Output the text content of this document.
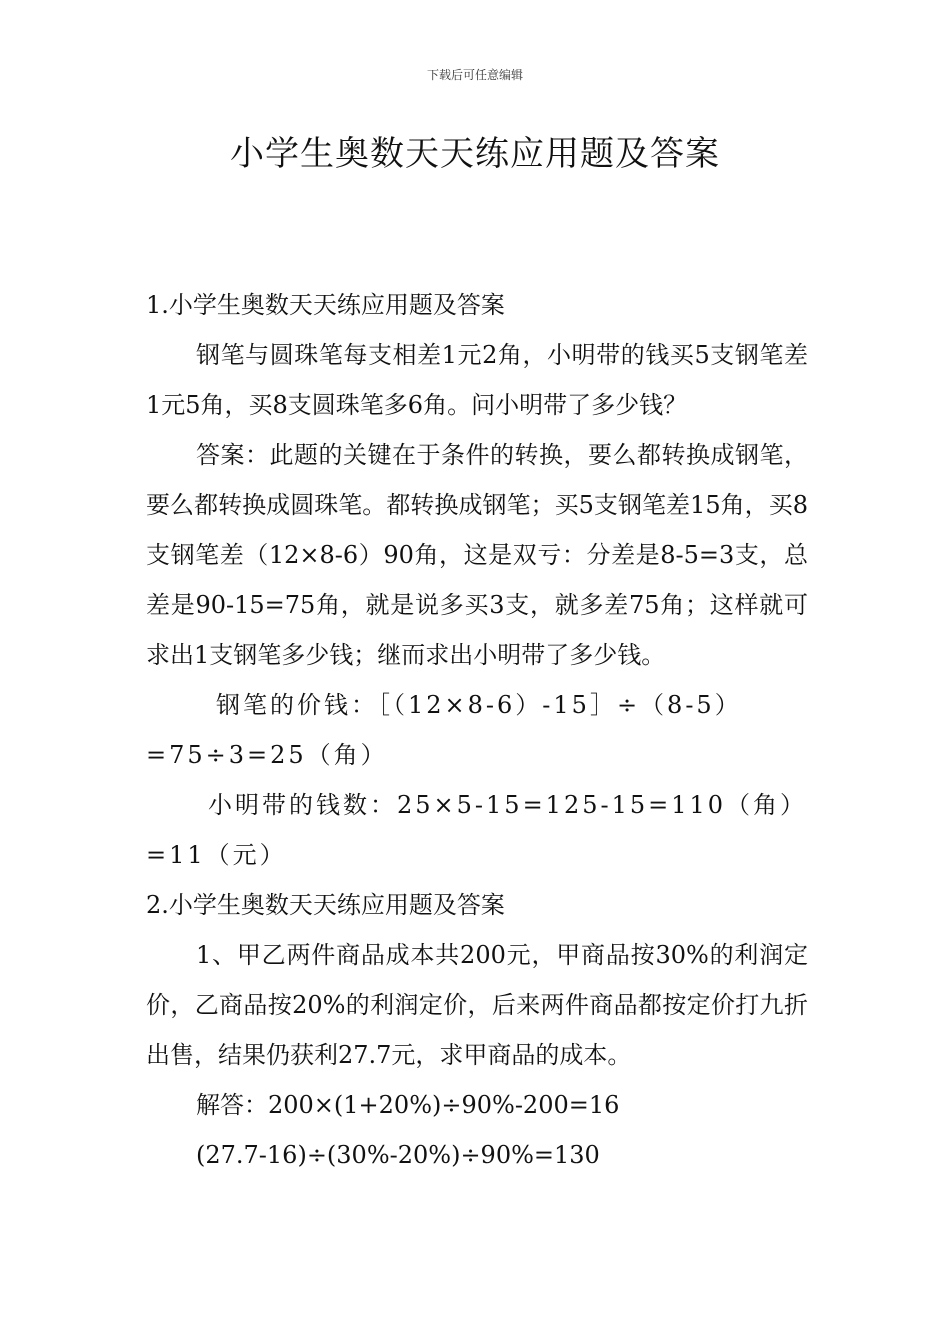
下载后可任意编辑
小学生奥数天天练应用题及答案

1.小学生奥数天天练应用题及答案

钢笔与圆珠笔每支相差1元2角，小明带的钱买5支钢笔差1元5角，买8支圆珠笔多6角。问小明带了多少钱？

答案：此题的关键在于条件的转换，要么都转换成钢笔，要么都转换成圆珠笔。都转换成钢笔；买5支钢笔差15角，买8支钢笔差（12×8-6）90角，这是双亏：分差是8-5=3支，总差是90-15=75角，就是说多买3支，就多差75角；这样就可求出1支钢笔多少钱；继而求出小明带了多少钱。

钢笔的价钱：［（12×8-6）-15］÷（8-5）=75÷3=25（角）

小明带的钱数：25×5-15=125-15=110（角）=11（元）

2.小学生奥数天天练应用题及答案

1、甲乙两件商品成本共200元，甲商品按30%的利润定价，乙商品按20%的利润定价，后来两件商品都按定价打九折出售，结果仍获利27.7元，求甲商品的成本。

解答：200×(1+20%)÷90%-200=16

(27.7-16)÷(30%-20%)÷90%=130
